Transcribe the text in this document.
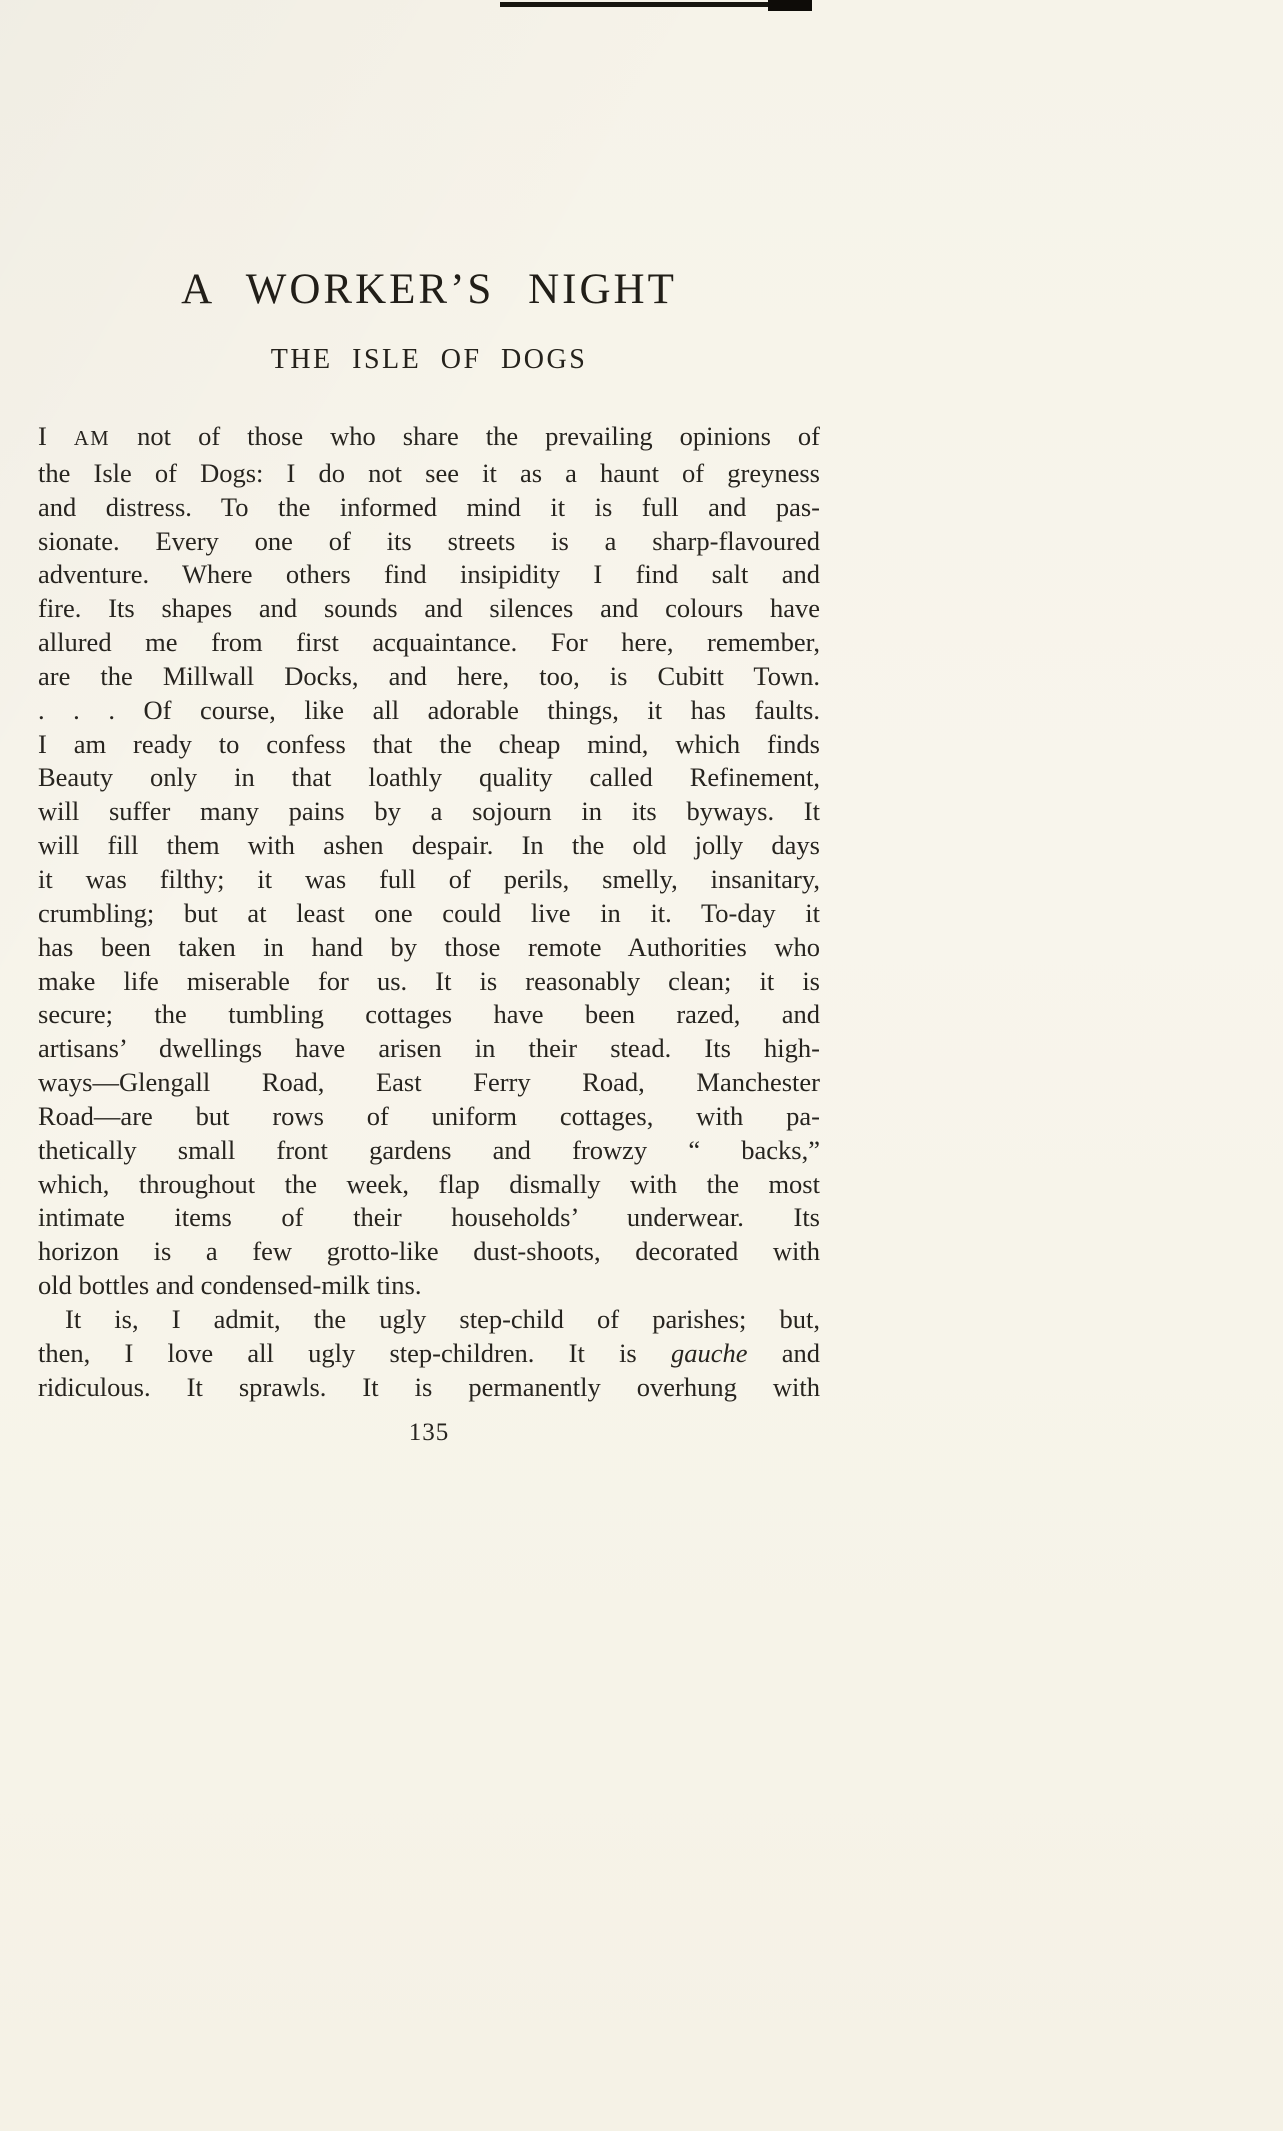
A WORKER’S NIGHT
THE ISLE OF DOGS
I AM not of those who share the prevailing opinions of
the Isle of Dogs: I do not see it as a haunt of greyness
and distress. To the informed mind it is full and pas-
sionate. Every one of its streets is a sharp-flavoured
adventure. Where others find insipidity I find salt and
fire. Its shapes and sounds and silences and colours have
allured me from first acquaintance. For here, remember,
are the Millwall Docks, and here, too, is Cubitt Town.
. . . Of course, like all adorable things, it has faults.
I am ready to confess that the cheap mind, which finds
Beauty only in that loathly quality called Refinement,
will suffer many pains by a sojourn in its byways. It
will fill them with ashen despair. In the old jolly days
it was filthy; it was full of perils, smelly, insanitary,
crumbling; but at least one could live in it. To-day it
has been taken in hand by those remote Authorities who
make life miserable for us. It is reasonably clean; it is
secure; the tumbling cottages have been razed, and
artisans’ dwellings have arisen in their stead. Its high-
ways—Glengall Road, East Ferry Road, Manchester
Road—are but rows of uniform cottages, with pa-
thetically small front gardens and frowzy “ backs,”
which, throughout the week, flap dismally with the most
intimate items of their households’ underwear. Its
horizon is a few grotto-like dust-shoots, decorated with
old bottles and condensed-milk tins.
It is, I admit, the ugly step-child of parishes; but,
then, I love all ugly step-children. It is gauche and
ridiculous. It sprawls. It is permanently overhung with
135
